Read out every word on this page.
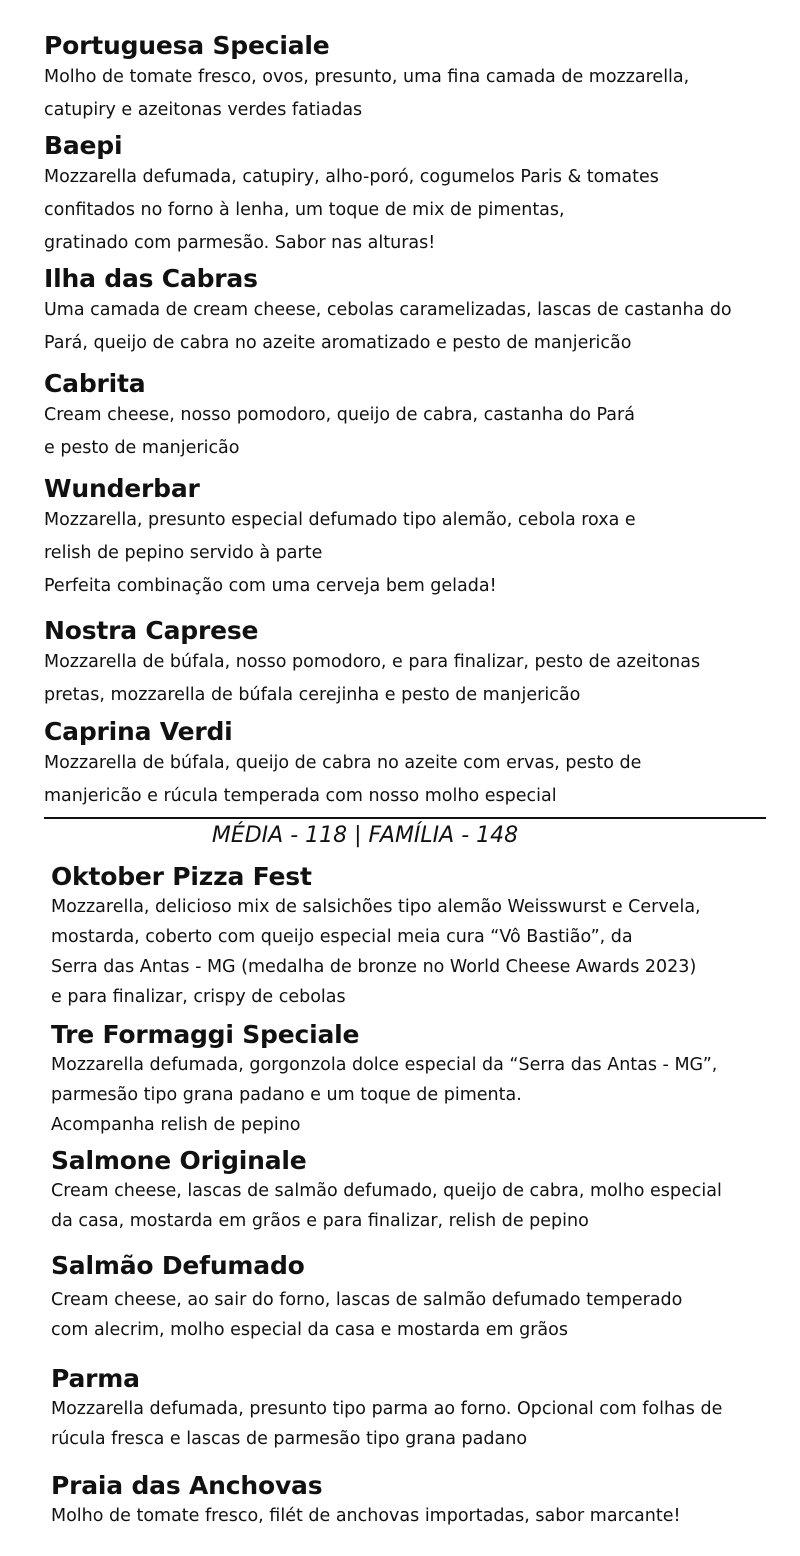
Portuguesa Speciale
Molho de tomate fresco, ovos, presunto, uma fina camada de mozzarella,
catupiry e azeitonas verdes fatiadas
Baepi
Mozzarella defumada, catupiry, alho-poró, cogumelos Paris & tomates
confitados no forno à lenha, um toque de mix de pimentas,
gratinado com parmesão. Sabor nas alturas!
Ilha das Cabras
Uma camada de cream cheese, cebolas caramelizadas, lascas de castanha do
Pará, queijo de cabra no azeite aromatizado e pesto de manjericão
Cabrita
Cream cheese, nosso pomodoro, queijo de cabra, castanha do Pará
e pesto de manjericão
Wunderbar
Mozzarella, presunto especial defumado tipo alemão, cebola roxa e
relish de pepino servido à parte
Perfeita combinação com uma cerveja bem gelada!
Nostra Caprese
Mozzarella de búfala, nosso pomodoro, e para finalizar, pesto de azeitonas
pretas, mozzarella de búfala cerejinha e pesto de manjericão
Caprina Verdi
Mozzarella de búfala, queijo de cabra no azeite com ervas, pesto de
manjericão e rúcula temperada com nosso molho especial
MÉDIA - 118 | FAMÍLIA - 148
Oktober Pizza Fest
Mozzarella, delicioso mix de salsichões tipo alemão Weisswurst e Cervela,
mostarda, coberto com queijo especial meia cura “Vô Bastião”, da
Serra das Antas - MG (medalha de bronze no World Cheese Awards 2023)
e para finalizar, crispy de cebolas
Tre Formaggi Speciale
Mozzarella defumada, gorgonzola dolce especial da “Serra das Antas - MG”,
parmesão tipo grana padano e um toque de pimenta.
Acompanha relish de pepino
Salmone Originale
Cream cheese, lascas de salmão defumado, queijo de cabra, molho especial
da casa, mostarda em grãos e para finalizar, relish de pepino
Salmão Defumado
Cream cheese, ao sair do forno, lascas de salmão defumado temperado
com alecrim, molho especial da casa e mostarda em grãos
Parma
Mozzarella defumada, presunto tipo parma ao forno. Opcional com folhas de
rúcula fresca e lascas de parmesão tipo grana padano
Praia das Anchovas
Molho de tomate fresco, filét de anchovas importadas, sabor marcante!
